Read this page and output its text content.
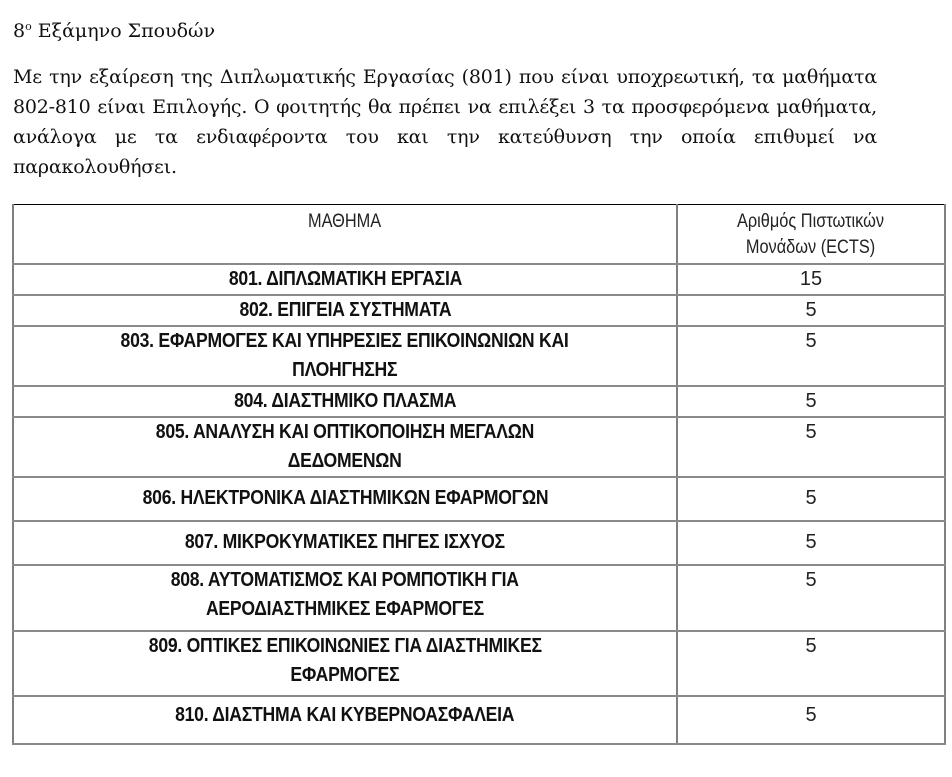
$8^o$ Εξάμηνο Σπουδών
Με την εξαίρεση της Διπλωματικής Εργασίας (801) που είναι υποχρεωτική, τα μαθήματα 802-810 είναι Επιλογής. Ο φοιτητής θα πρέπει να επιλέξει 3 τα προσφερόμενα μαθήματα, ανάλογα με τα ενδιαφέροντα του και την κατεύθυνση την οποία επιθυμεί να παρακολουθήσει.
ΜΑΘΗΜΑ	Αριθμός Πιστωτικών
Μονάδων (ECTS)

801. ΔΙΠΛΩΜΑΤΙΚΗ ΕΡΓΑΣΙΑ	15

802. ΕΠΙΓΕΙΑ ΣΥΣΤΗΜΑΤΑ	5

803. ΕΦΑΡΜΟΓΕΣ ΚΑΙ ΥΠΗΡΕΣΙΕΣ ΕΠΙΚΟΙΝΩΝΙΩΝ ΚΑΙ
ΠΛΟΗΓΗΣΗΣ	5

804. ΔΙΑΣΤΗΜΙΚΟ ΠΛΑΣΜΑ	5

805. ΑΝΑΛΥΣΗ ΚΑΙ ΟΠΤΙΚΟΠΟΙΗΣΗ ΜΕΓΑΛΩΝ
ΔΕΔΟΜΕΝΩΝ	5

806. ΗΛΕΚΤΡΟΝΙΚΑ ΔΙΑΣΤΗΜΙΚΩΝ ΕΦΑΡΜΟΓΩΝ	5

807. ΜΙΚΡΟΚΥΜΑΤΙΚΕΣ ΠΗΓΕΣ ΙΣΧΥΟΣ	5

808. ΑΥΤΟΜΑΤΙΣΜΟΣ ΚΑΙ ΡΟΜΠΟΤΙΚΗ ΓΙΑ
ΑΕΡΟΔΙΑΣΤΗΜΙΚΕΣ ΕΦΑΡΜΟΓΕΣ	5

809. ΟΠΤΙΚΕΣ ΕΠΙΚΟΙΝΩΝΙΕΣ ΓΙΑ ΔΙΑΣΤΗΜΙΚΕΣ
ΕΦΑΡΜΟΓΕΣ	5

810. ΔΙΑΣΤΗΜΑ ΚΑΙ ΚΥΒΕΡΝΟΑΣΦΑΛΕΙΑ	5
